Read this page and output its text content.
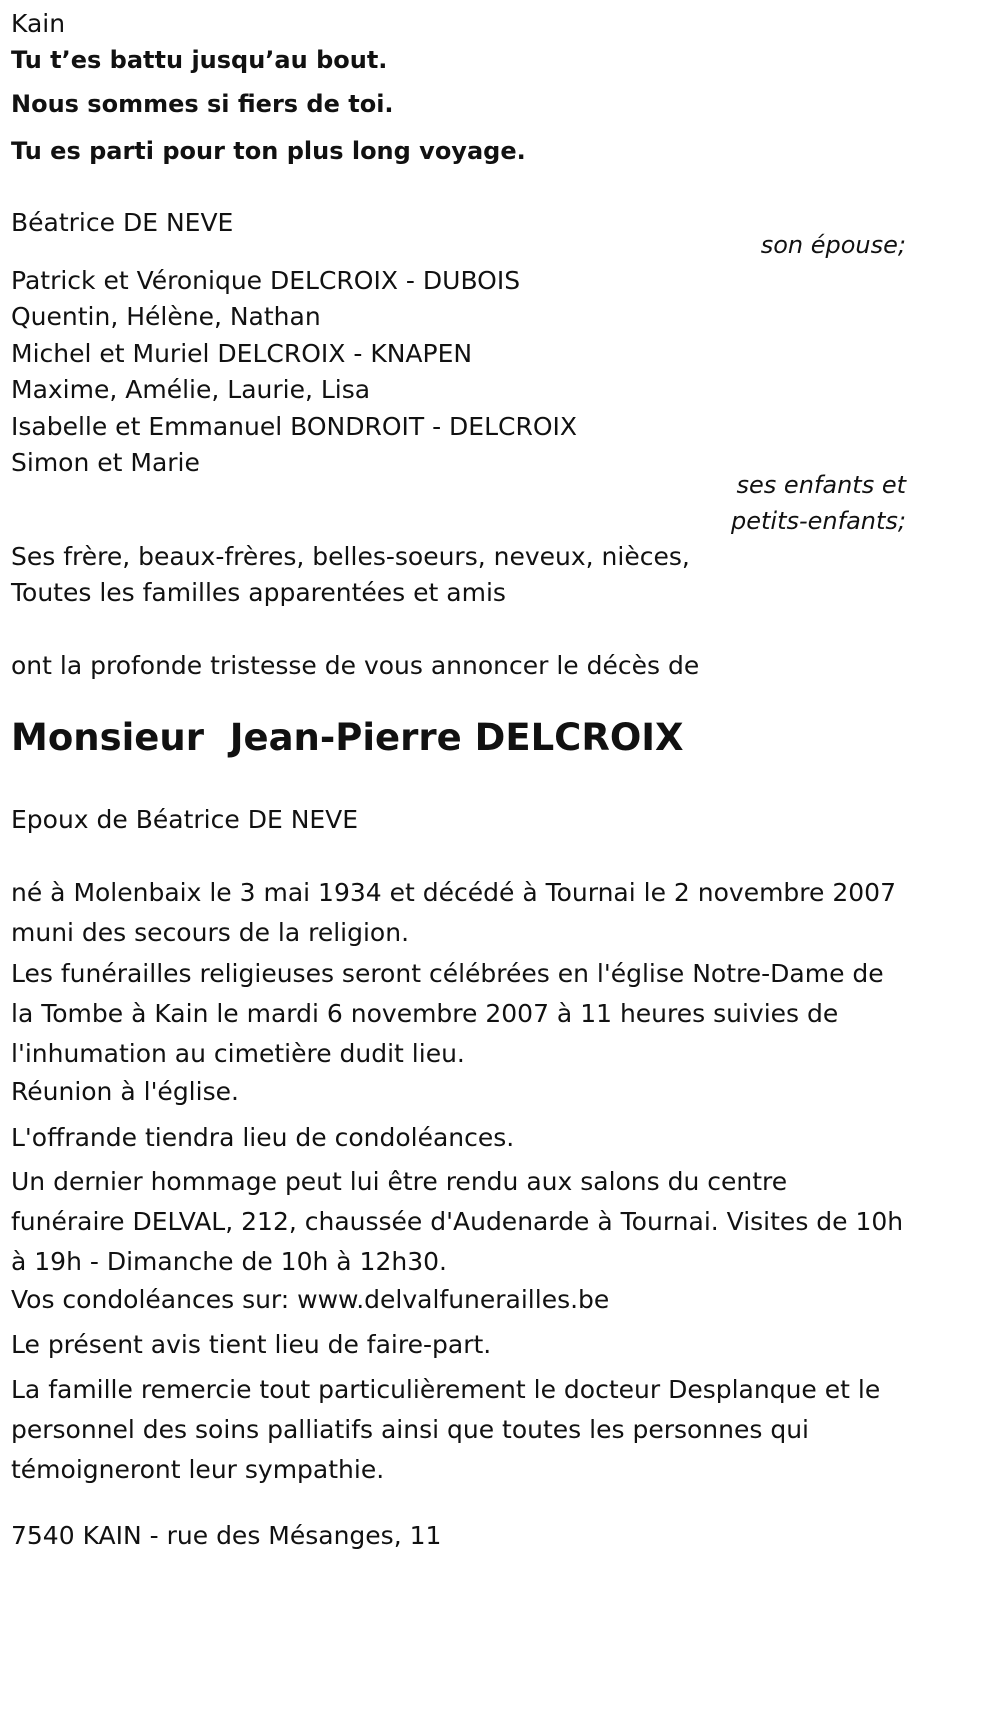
Kain
Tu t’es battu jusqu’au bout.
Nous sommes si fiers de toi.
Tu es parti pour ton plus long voyage.
Béatrice DE NEVE
son épouse;
Patrick et Véronique DELCROIX - DUBOIS
Quentin, Hélène, Nathan
Michel et Muriel DELCROIX - KNAPEN
Maxime, Amélie, Laurie, Lisa
Isabelle et Emmanuel BONDROIT - DELCROIX
Simon et Marie
ses enfants et
petits-enfants;
Ses frère, beaux-frères, belles-soeurs, neveux, nièces,
Toutes les familles apparentées et amis
ont la profonde tristesse de vous annoncer le décès de
Monsieur  Jean-Pierre DELCROIX
Epoux de Béatrice DE NEVE
né à Molenbaix le 3 mai 1934 et décédé à Tournai le 2 novembre 2007 muni des secours de la religion.
Les funérailles religieuses seront célébrées en l'église Notre-Dame de la Tombe à Kain le mardi 6 novembre 2007 à 11 heures suivies de l'inhumation au cimetière dudit lieu.
Réunion à l'église.
L'offrande tiendra lieu de condoléances.
Un dernier hommage peut lui être rendu aux salons du centre funéraire DELVAL, 212, chaussée d'Audenarde à Tournai. Visites de 10h à 19h - Dimanche de 10h à 12h30.
Vos condoléances sur: www.delvalfunerailles.be
Le présent avis tient lieu de faire-part.
La famille remercie tout particulièrement le docteur Desplanque et le personnel des soins palliatifs ainsi que toutes les personnes qui témoigneront leur sympathie.
7540 KAIN - rue des Mésanges, 11
